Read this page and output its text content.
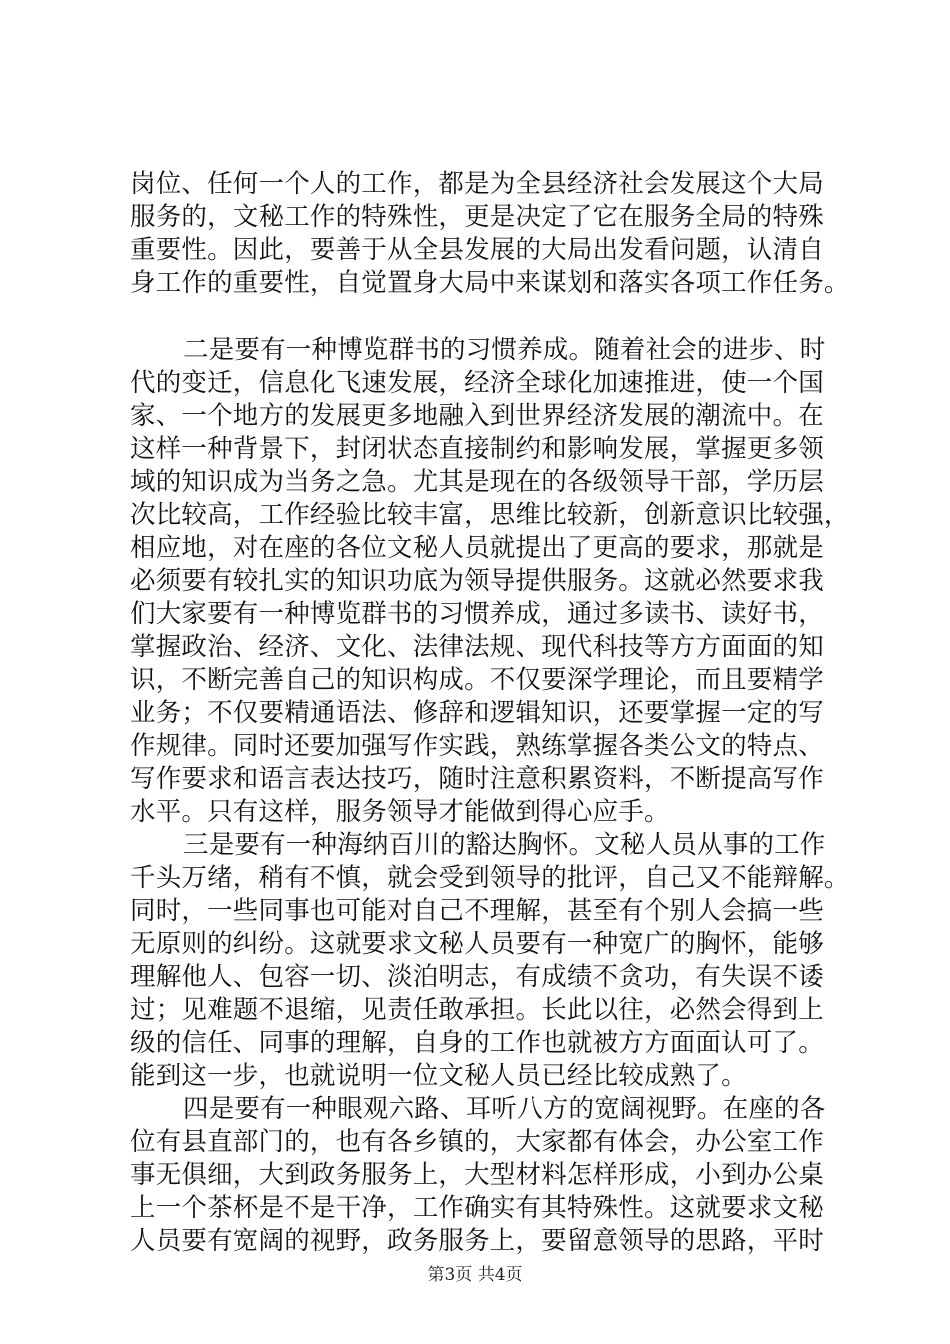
岗位、任何一个人的工作，都是为全县经济社会发展这个大局
服务的，文秘工作的特殊性，更是决定了它在服务全局的特殊
重要性。因此，要善于从全县发展的大局出发看问题，认清自
身工作的重要性，自觉置身大局中来谋划和落实各项工作任务。
二是要有一种博览群书的习惯养成。随着社会的进步、时
代的变迁，信息化飞速发展，经济全球化加速推进，使一个国
家、一个地方的发展更多地融入到世界经济发展的潮流中。在
这样一种背景下，封闭状态直接制约和影响发展，掌握更多领
域的知识成为当务之急。尤其是现在的各级领导干部，学历层
次比较高，工作经验比较丰富，思维比较新，创新意识比较强，
相应地，对在座的各位文秘人员就提出了更高的要求，那就是
必须要有较扎实的知识功底为领导提供服务。这就必然要求我
们大家要有一种博览群书的习惯养成，通过多读书、读好书，
掌握政治、经济、文化、法律法规、现代科技等方方面面的知
识，不断完善自己的知识构成。不仅要深学理论，而且要精学
业务；不仅要精通语法、修辞和逻辑知识，还要掌握一定的写
作规律。同时还要加强写作实践，熟练掌握各类公文的特点、
写作要求和语言表达技巧，随时注意积累资料，不断提高写作
水平。只有这样，服务领导才能做到得心应手。
三是要有一种海纳百川的豁达胸怀。文秘人员从事的工作
千头万绪，稍有不慎，就会受到领导的批评，自己又不能辩解。
同时，一些同事也可能对自己不理解，甚至有个别人会搞一些
无原则的纠纷。这就要求文秘人员要有一种宽广的胸怀，能够
理解他人、包容一切、淡泊明志，有成绩不贪功，有失误不诿
过；见难题不退缩，见责任敢承担。长此以往，必然会得到上
级的信任、同事的理解，自身的工作也就被方方面面认可了。
能到这一步，也就说明一位文秘人员已经比较成熟了。
四是要有一种眼观六路、耳听八方的宽阔视野。在座的各
位有县直部门的，也有各乡镇的，大家都有体会，办公室工作
事无俱细，大到政务服务上，大型材料怎样形成，小到办公桌
上一个茶杯是不是干净，工作确实有其特殊性。这就要求文秘
人员要有宽阔的视野，政务服务上，要留意领导的思路，平时
第3页 共4页
